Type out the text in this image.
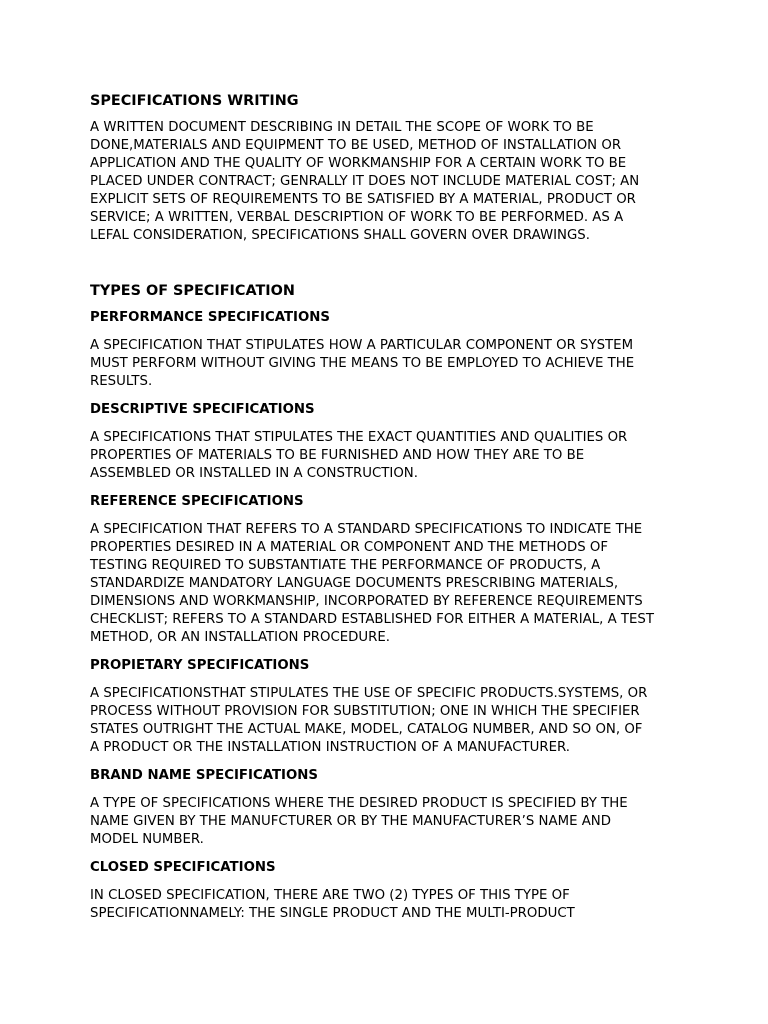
SPECIFICATIONS WRITING

A WRITTEN DOCUMENT DESCRIBING IN DETAIL THE SCOPE OF WORK TO BE
DONE,MATERIALS AND EQUIPMENT TO BE USED, METHOD OF INSTALLATION OR
APPLICATION AND THE QUALITY OF WORKMANSHIP FOR A CERTAIN WORK TO BE
PLACED UNDER CONTRACT; GENRALLY IT DOES NOT INCLUDE MATERIAL COST; AN
EXPLICIT SETS OF REQUIREMENTS TO BE SATISFIED BY A MATERIAL, PRODUCT OR
SERVICE; A WRITTEN, VERBAL DESCRIPTION OF WORK TO BE PERFORMED. AS A
LEFAL CONSIDERATION, SPECIFICATIONS SHALL GOVERN OVER DRAWINGS.

TYPES OF SPECIFICATION
PERFORMANCE SPECIFICATIONS

A SPECIFICATION THAT STIPULATES HOW A PARTICULAR COMPONENT OR SYSTEM
MUST PERFORM WITHOUT GIVING THE MEANS TO BE EMPLOYED TO ACHIEVE THE
RESULTS.

DESCRIPTIVE SPECIFICATIONS

A SPECIFICATIONS THAT STIPULATES THE EXACT QUANTITIES AND QUALITIES OR
PROPERTIES OF MATERIALS TO BE FURNISHED AND HOW THEY ARE TO BE
ASSEMBLED OR INSTALLED IN A CONSTRUCTION.

REFERENCE SPECIFICATIONS

A SPECIFICATION THAT REFERS TO A STANDARD SPECIFICATIONS TO INDICATE THE
PROPERTIES DESIRED IN A MATERIAL OR COMPONENT AND THE METHODS OF
TESTING REQUIRED TO SUBSTANTIATE THE PERFORMANCE OF PRODUCTS, A
STANDARDIZE MANDATORY LANGUAGE DOCUMENTS PRESCRIBING MATERIALS,
DIMENSIONS AND WORKMANSHIP, INCORPORATED BY REFERENCE REQUIREMENTS
CHECKLIST; REFERS TO A STANDARD ESTABLISHED FOR EITHER A MATERIAL, A TEST
METHOD, OR AN INSTALLATION PROCEDURE.

PROPIETARY SPECIFICATIONS

A SPECIFICATIONSTHAT STIPULATES THE USE OF SPECIFIC PRODUCTS.SYSTEMS, OR
PROCESS WITHOUT PROVISION FOR SUBSTITUTION; ONE IN WHICH THE SPECIFIER
STATES OUTRIGHT THE ACTUAL MAKE, MODEL, CATALOG NUMBER, AND SO ON, OF
A PRODUCT OR THE INSTALLATION INSTRUCTION OF A MANUFACTURER.

BRAND NAME SPECIFICATIONS

A TYPE OF SPECIFICATIONS WHERE THE DESIRED PRODUCT IS SPECIFIED BY THE
NAME GIVEN BY THE MANUFCTURER OR BY THE MANUFACTURER’S NAME AND
MODEL NUMBER.

CLOSED SPECIFICATIONS

IN CLOSED SPECIFICATION, THERE ARE TWO (2) TYPES OF THIS TYPE OF
SPECIFICATIONNAMELY: THE SINGLE PRODUCT AND THE MULTI-PRODUCT
